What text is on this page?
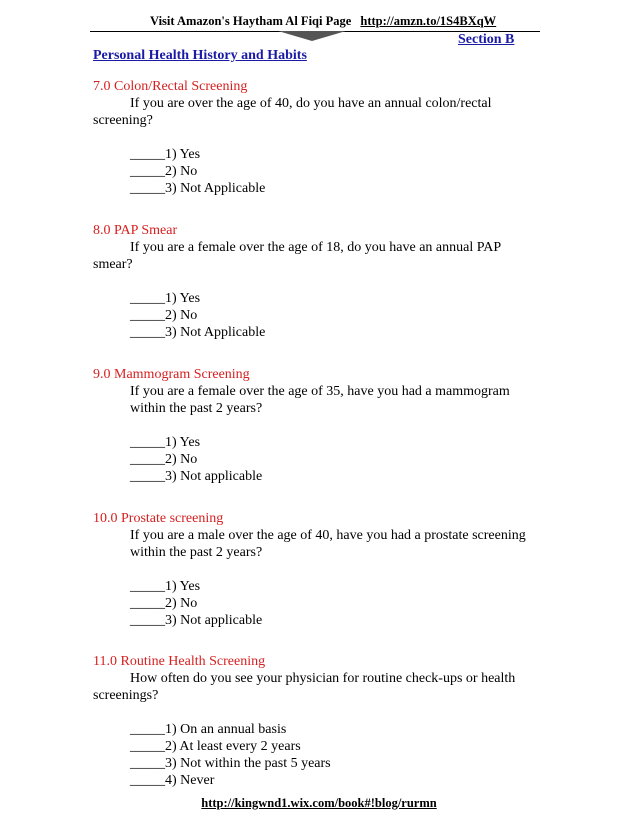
Visit Amazon's Haytham Al Fiqi Page http://amzn.to/1S4BXqW
Section B
Personal Health History and Habits
7.0 Colon/Rectal Screening
If you are over the age of 40, do you have an annual colon/rectal
screening?
_____1) Yes
_____2) No
_____3) Not Applicable
8.0 PAP Smear
If you are a female over the age of 18, do you have an annual PAP
smear?
_____1) Yes
_____2) No
_____3) Not Applicable
9.0 Mammogram Screening
If you are a female over the age of 35, have you had a mammogram
within the past 2 years?
_____1) Yes
_____2) No
_____3) Not applicable
10.0 Prostate screening
If you are a male over the age of 40, have you had a prostate screening
within the past 2 years?
_____1) Yes
_____2) No
_____3) Not applicable
11.0 Routine Health Screening
How often do you see your physician for routine check-ups or health
screenings?
_____1) On an annual basis
_____2) At least every 2 years
_____3) Not within the past 5 years
_____4) Never
http://kingwnd1.wix.com/book#!blog/rurmn
